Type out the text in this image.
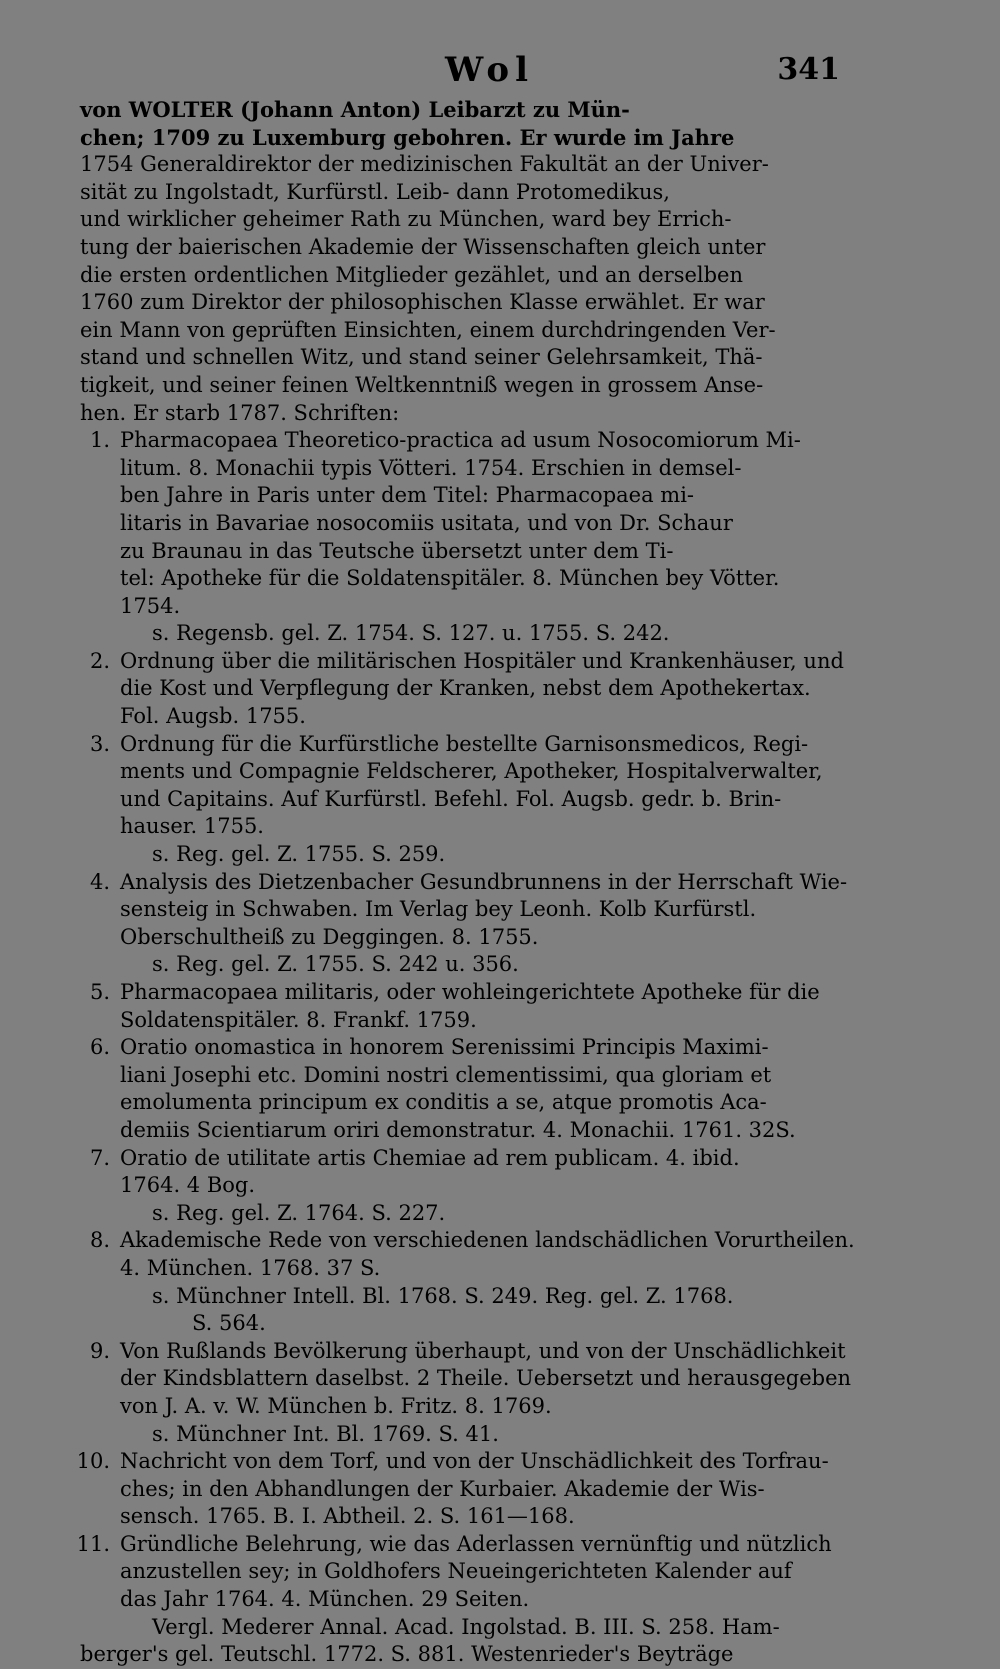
Wol	341
von WOLTER (Johann Anton) Leibarzt zu Mün-
chen; 1709 zu Luxemburg gebohren. Er wurde im Jahre
1754 Generaldirektor der medizinischen Fakultät an der Univer-
sität zu Ingolstadt, Kurfürstl. Leib- dann Protomedikus,
und wirklicher geheimer Rath zu München, ward bey Errich-
tung der baierischen Akademie der Wissenschaften gleich unter
die ersten ordentlichen Mitglieder gezählet, und an derselben
1760 zum Direktor der philosophischen Klasse erwählet. Er war
ein Mann von geprüften Einsichten, einem durchdringenden Ver-
stand und schnellen Witz, und stand seiner Gelehrsamkeit, Thä-
tigkeit, und seiner feinen Weltkenntniß wegen in grossem Anse-
hen. Er starb 1787. Schriften:
1. Pharmacopaea Theoretico-practica ad usum Nosocomiorum Mi-
litum. 8. Monachii typis Vötteri. 1754. Erschien in demsel-
ben Jahre in Paris unter dem Titel: Pharmacopaea mi-
litaris in Bavariae nosocomiis usitata, und von Dr. Schaur
zu Braunau in das Teutsche übersetzt unter dem Ti-
tel: Apotheke für die Soldatenspitäler. 8. München bey Vötter.
1754.
s. Regensb. gel. Z. 1754. S. 127. u. 1755. S. 242.
2. Ordnung über die militärischen Hospitäler und Krankenhäuser, und
die Kost und Verpflegung der Kranken, nebst dem Apothekertax.
Fol. Augsb. 1755.
3. Ordnung für die Kurfürstliche bestellte Garnisonsmedicos, Regi-
ments und Compagnie Feldscherer, Apotheker, Hospitalverwalter,
und Capitains. Auf Kurfürstl. Befehl. Fol. Augsb. gedr. b. Brin-
hauser. 1755.
s. Reg. gel. Z. 1755. S. 259.
4. Analysis des Dietzenbacher Gesundbrunnens in der Herrschaft Wie-
sensteig in Schwaben. Im Verlag bey Leonh. Kolb Kurfürstl.
Oberschultheiß zu Deggingen. 8. 1755.
s. Reg. gel. Z. 1755. S. 242 u. 356.
5. Pharmacopaea militaris, oder wohleingerichtete Apotheke für die
Soldatenspitäler. 8. Frankf. 1759.
6. Oratio onomastica in honorem Serenissimi Principis Maximi-
liani Josephi etc. Domini nostri clementissimi, qua gloriam et
emolumenta principum ex conditis a se, atque promotis Aca-
demiis Scientiarum oriri demonstratur. 4. Monachii. 1761. 32S.
7. Oratio de utilitate artis Chemiae ad rem publicam. 4. ibid.
1764. 4 Bog.
s. Reg. gel. Z. 1764. S. 227.
8. Akademische Rede von verschiedenen landschädlichen Vorurtheilen.
4. München. 1768. 37 S.
s. Münchner Intell. Bl. 1768. S. 249. Reg. gel. Z. 1768.
S. 564.
9. Von Rußlands Bevölkerung überhaupt, und von der Unschädlichkeit
der Kindsblattern daselbst. 2 Theile. Uebersetzt und herausgegeben
von J. A. v. W. München b. Fritz. 8. 1769.
s. Münchner Int. Bl. 1769. S. 41.
10. Nachricht von dem Torf, und von der Unschädlichkeit des Torfrau-
ches; in den Abhandlungen der Kurbaier. Akademie der Wis-
sensch. 1765. B. I. Abtheil. 2. S. 161—168.
11. Gründliche Belehrung, wie das Aderlassen vernünftig und nützlich
anzustellen sey; in Goldhofers Neueingerichteten Kalender auf
das Jahr 1764. 4. München. 29 Seiten.
Vergl. Mederer Annal. Acad. Ingolstad. B. III. S. 258. Ham-
berger's gel. Teutschl. 1772. S. 881. Westenrieder's Beyträge
